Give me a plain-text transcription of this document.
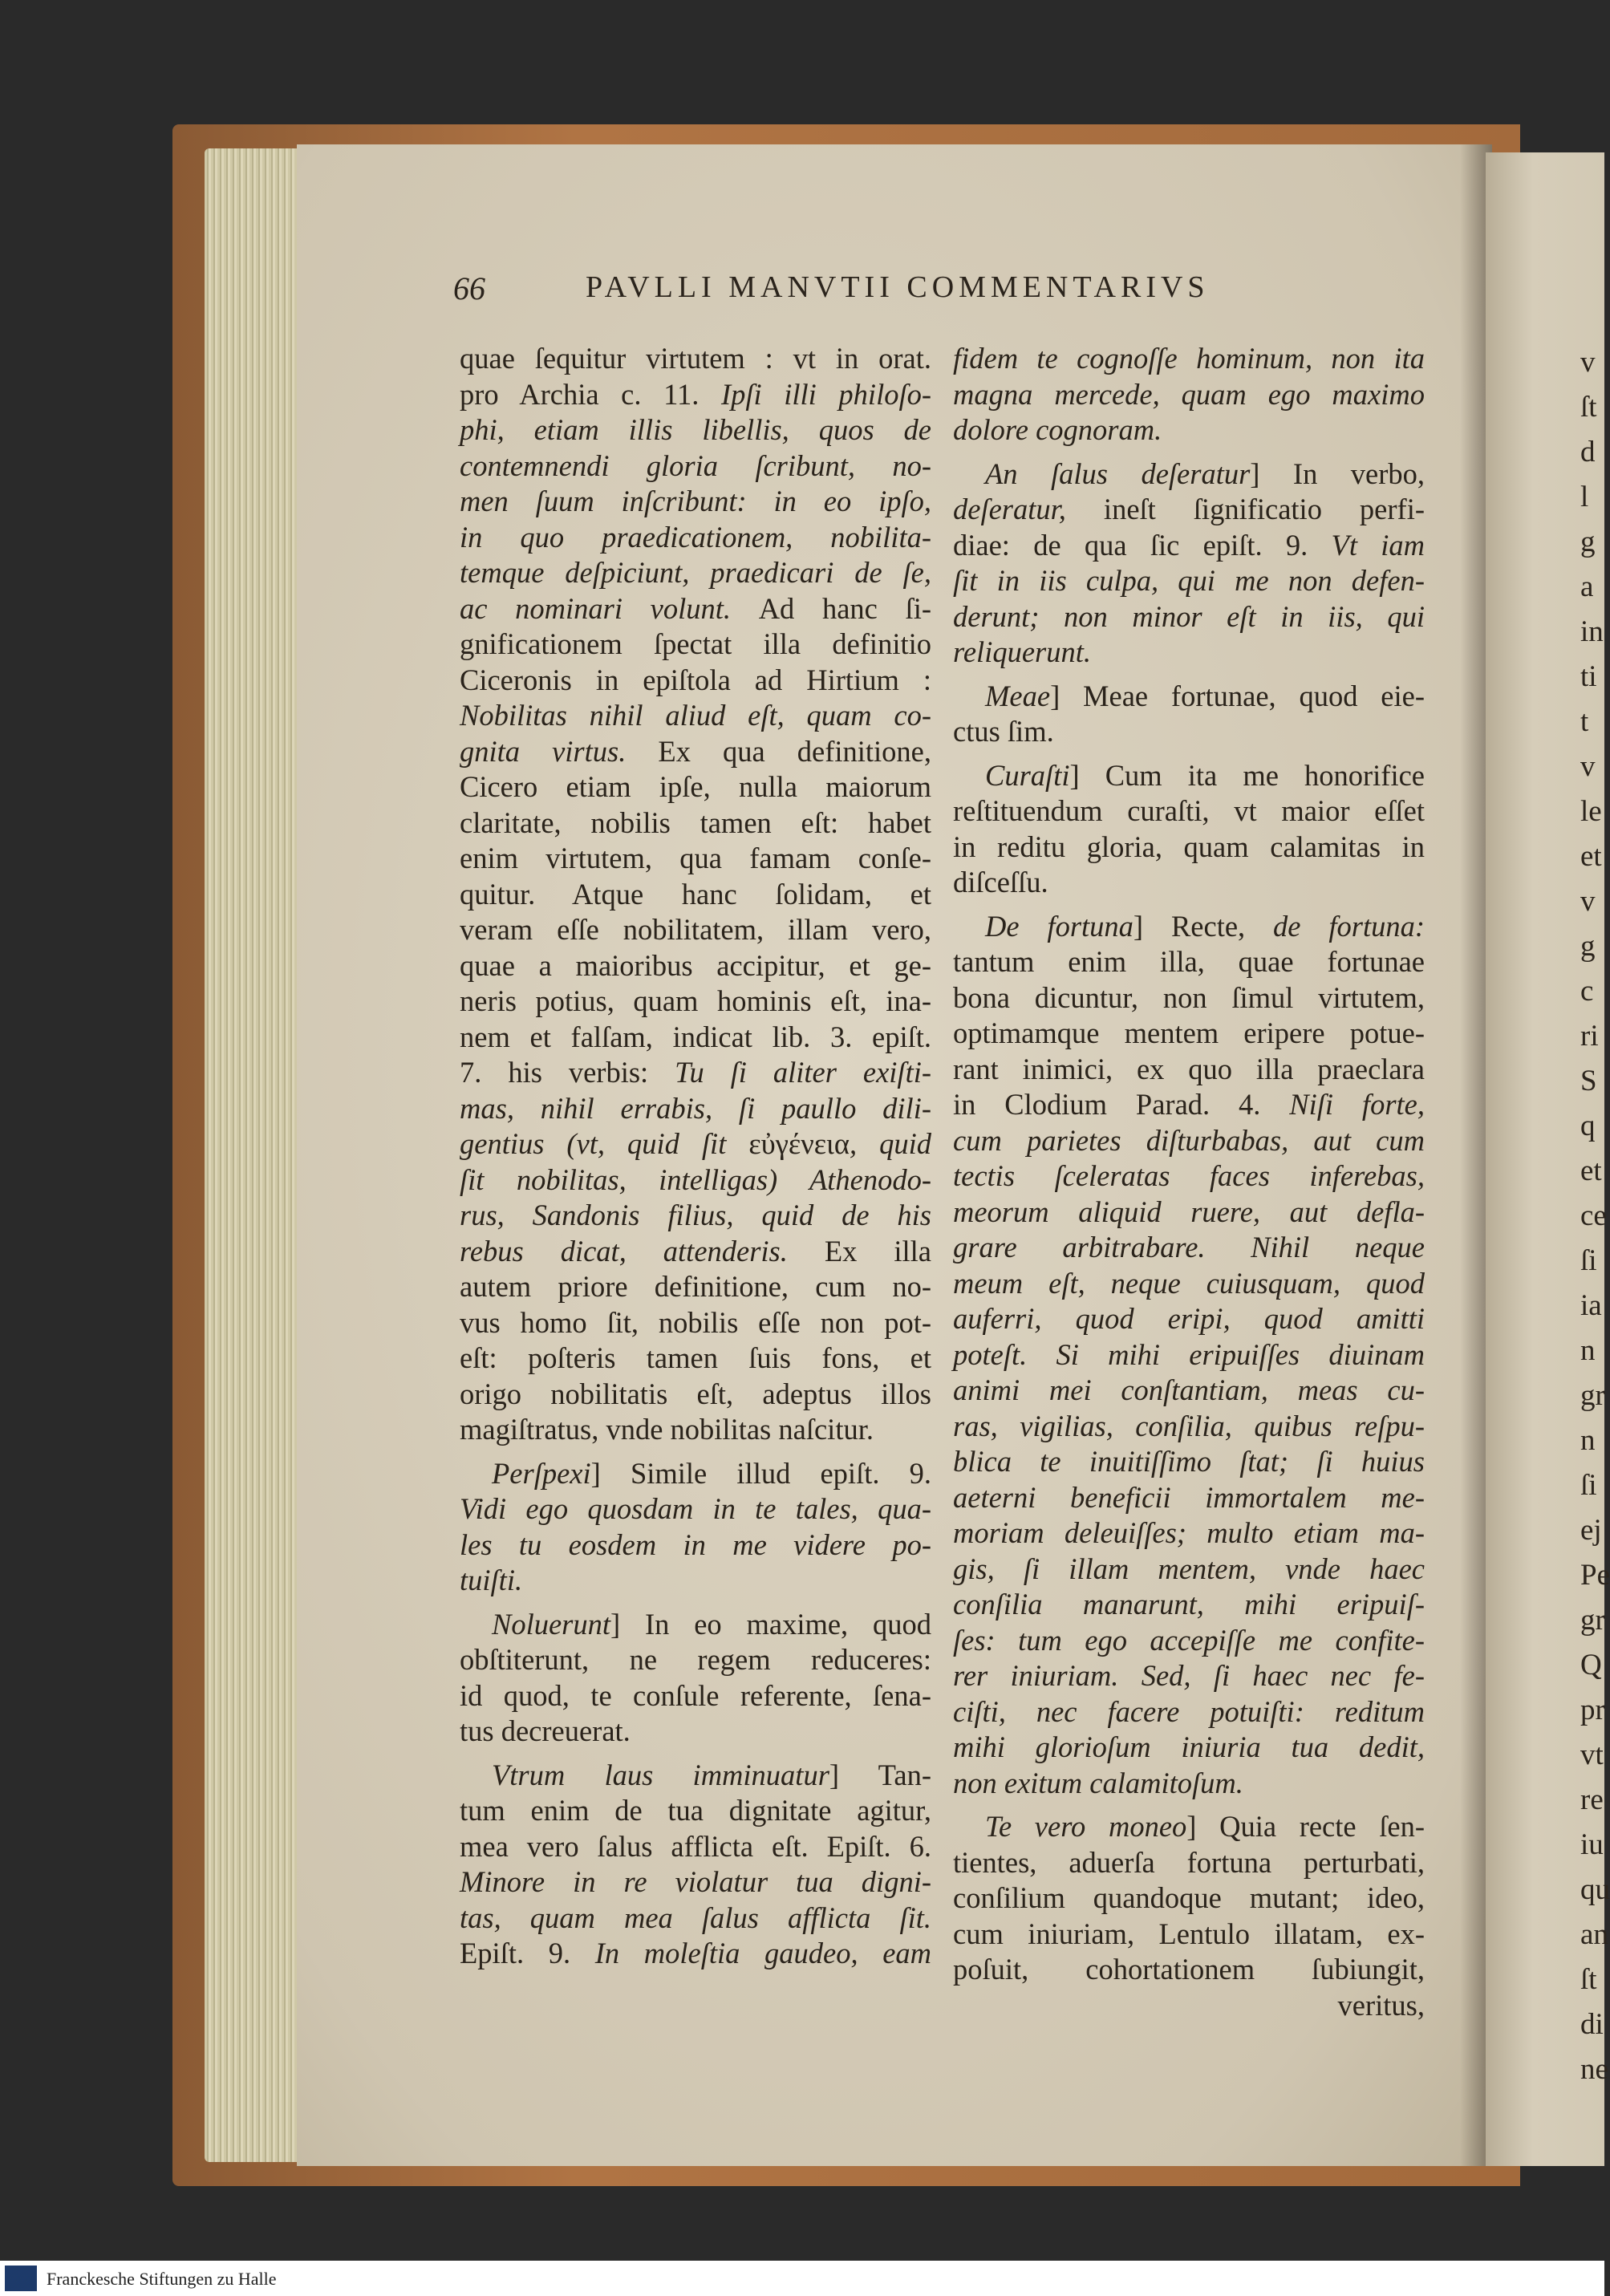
v
ſt
d
l
g
a
in
ti
t
v
le
et
v
g
c
ri
S
q
et
ce
ſi
ia
n
gr
n
ſi
ej
Pe
gr
Q
pr
vt
re
iu
qu
an
ſt
di
ne
66	PAVLLI MANVTII COMMENTARIVS
quae ſequitur virtutem : vt in orat.
pro Archia c. 11. Ipſi illi philoſo-
phi, etiam illis libellis, quos de
contemnendi gloria ſcribunt, no-
men ſuum inſcribunt: in eo ipſo,
in quo praedicationem, nobilita-
temque deſpiciunt, praedicari de ſe,
ac nominari volunt. Ad hanc ſi-
gnificationem ſpectat illa definitio
Ciceronis in epiſtola ad Hirtium :
Nobilitas nihil aliud eſt, quam co-
gnita virtus. Ex qua definitione,
Cicero etiam ipſe, nulla maiorum
claritate, nobilis tamen eſt: habet
enim virtutem, qua famam conſe-
quitur. Atque hanc ſolidam, et
veram eſſe nobilitatem, illam vero,
quae a maioribus accipitur, et ge-
neris potius, quam hominis eſt, ina-
nem et falſam, indicat lib. 3. epiſt.
7. his verbis: Tu ſi aliter exiſti-
mas, nihil errabis, ſi paullo dili-
gentius (vt, quid ſit εὐγένεια, quid
ſit nobilitas, intelligas) Athenodo-
rus, Sandonis filius, quid de his
rebus dicat, attenderis. Ex illa
autem priore definitione, cum no-
vus homo ſit, nobilis eſſe non pot-
eſt: poſteris tamen ſuis fons, et
origo nobilitatis eſt, adeptus illos
magiſtratus, vnde nobilitas naſcitur.
Perſpexi] Simile illud epiſt. 9.
Vidi ego quosdam in te tales, qua-
les tu eosdem in me videre po-
tuiſti.
Noluerunt] In eo maxime, quod
obſtiterunt, ne regem reduceres:
id quod, te conſule referente, ſena-
tus decreuerat.
Vtrum laus imminuatur] Tan-
tum enim de tua dignitate agitur,
mea vero ſalus afflicta eſt. Epiſt. 6.
Minore in re violatur tua digni-
tas, quam mea ſalus afflicta ſit.
Epiſt. 9. In moleſtia gaudeo, eam
fidem te cognoſſe hominum, non ita
magna mercede, quam ego maximo
dolore cognoram.
An ſalus deſeratur] In verbo,
deſeratur, ineſt ſignificatio perfi-
diae: de qua ſic epiſt. 9. Vt iam
ſit in iis culpa, qui me non defen-
derunt; non minor eſt in iis, qui
reliquerunt.
Meae] Meae fortunae, quod eie-
ctus ſim.
Curaſti] Cum ita me honorifice
reſtituendum curaſti, vt maior eſſet
in reditu gloria, quam calamitas in
diſceſſu.
De fortuna] Recte, de fortuna:
tantum enim illa, quae fortunae
bona dicuntur, non ſimul virtutem,
optimamque mentem eripere potue-
rant inimici, ex quo illa praeclara
in Clodium Parad. 4. Niſi forte,
cum parietes diſturbabas, aut cum
tectis ſceleratas faces inferebas,
meorum aliquid ruere, aut defla-
grare arbitrabare. Nihil neque
meum eſt, neque cuiusquam, quod
auferri, quod eripi, quod amitti
poteſt. Si mihi eripuiſſes diuinam
animi mei conſtantiam, meas cu-
ras, vigilias, conſilia, quibus reſpu-
blica te inuitiſſimo ſtat; ſi huius
aeterni beneficii immortalem me-
moriam deleuiſſes; multo etiam ma-
gis, ſi illam mentem, vnde haec
conſilia manarunt, mihi eripuiſ-
ſes: tum ego accepiſſe me confite-
rer iniuriam. Sed, ſi haec nec fe-
ciſti, nec facere potuiſti: reditum
mihi glorioſum iniuria tua dedit,
non exitum calamitoſum.
Te vero moneo] Quia recte ſen-
tientes, aduerſa fortuna perturbati,
conſilium quandoque mutant; ideo,
cum iniuriam, Lentulo illatam, ex-
poſuit, cohortationem ſubiungit,
veritus,
Franckesche Stiftungen zu Halle
